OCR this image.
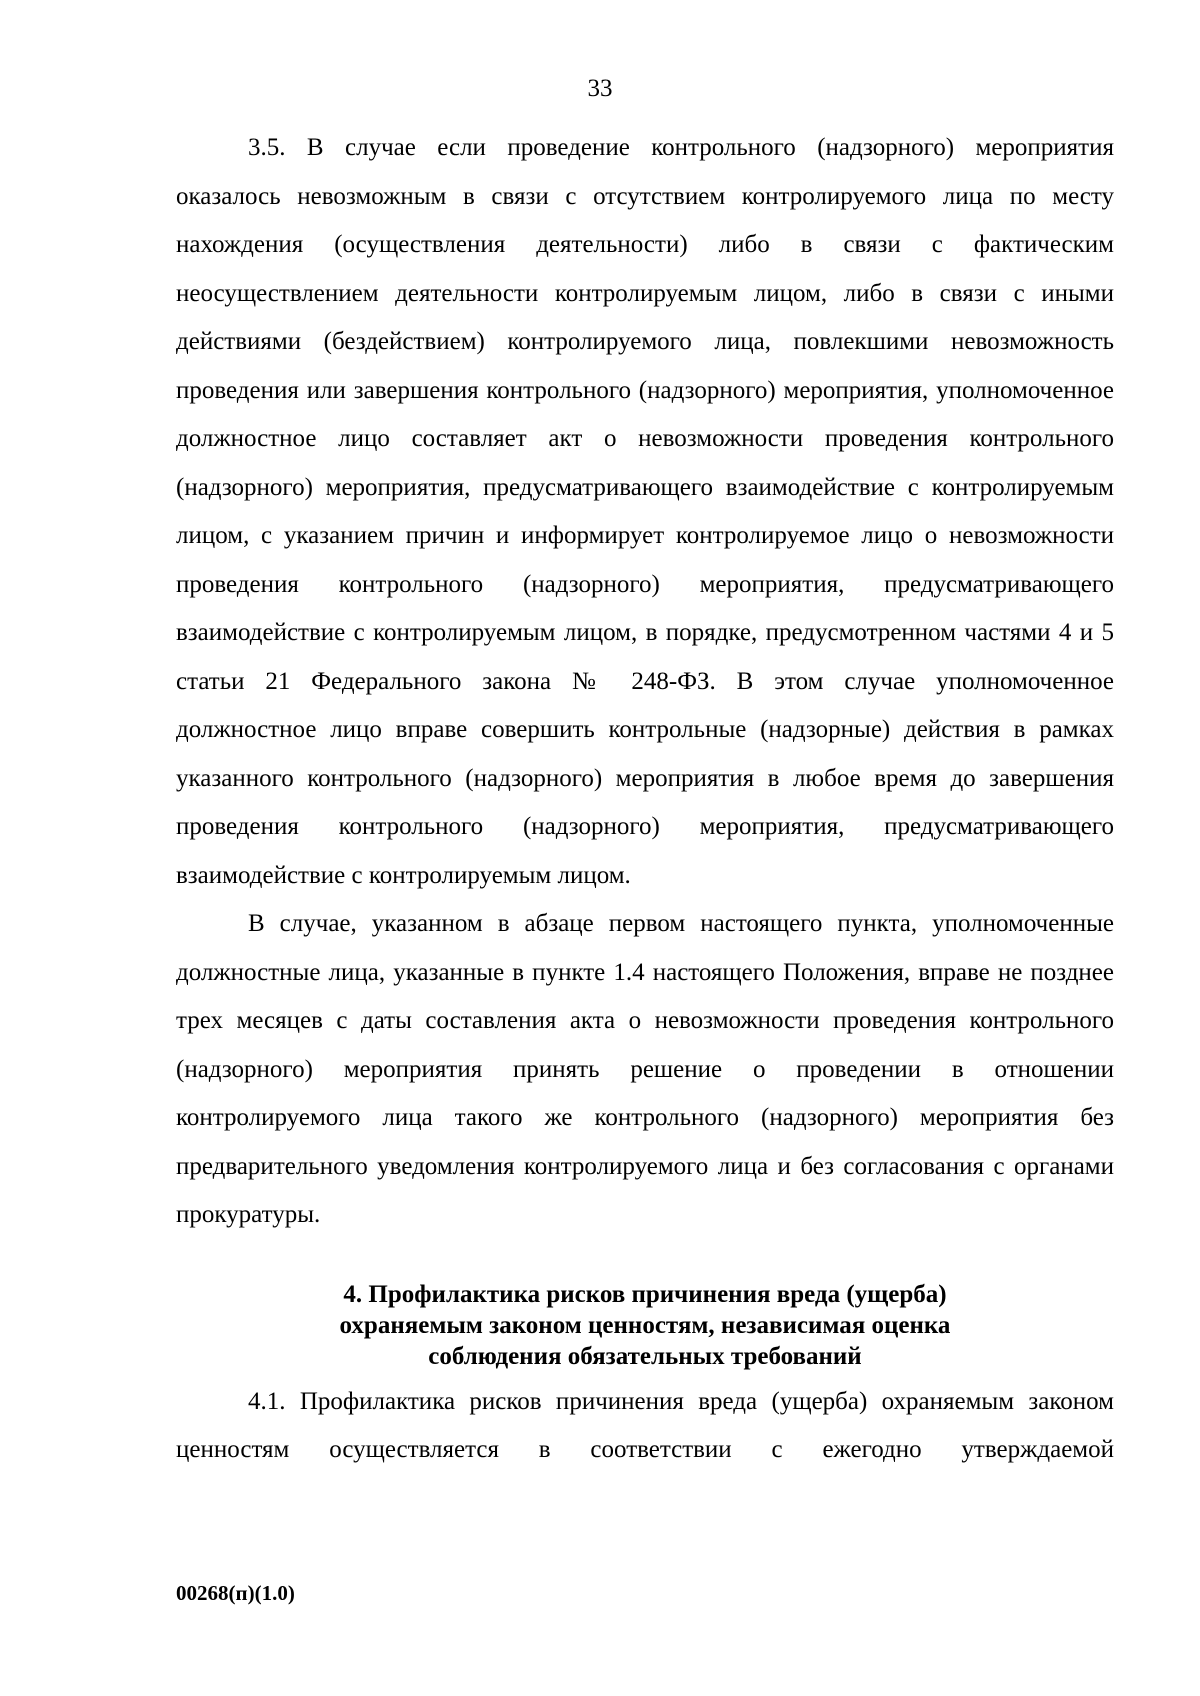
33

3.5. В случае если проведение контрольного (надзорного) мероприятия оказалось невозможным в связи с отсутствием контролируемого лица по месту нахождения (осуществления деятельности) либо в связи с фактическим неосуществлением деятельности контролируемым лицом, либо в связи с иными действиями (бездействием) контролируемого лица, повлекшими невозможность проведения или завершения контрольного (надзорного) мероприятия, уполномоченное должностное лицо составляет акт о невозможности проведения контрольного (надзорного) мероприятия, предусматривающего взаимодействие с контролируемым лицом, с указанием причин и информирует контролируемое лицо о невозможности проведения контрольного (надзорного) мероприятия, предусматривающего взаимодействие с контролируемым лицом, в порядке, предусмотренном частями 4 и 5 статьи 21 Федерального закона № 248-ФЗ. В этом случае уполномоченное должностное лицо вправе совершить контрольные (надзорные) действия в рамках указанного контрольного (надзорного) мероприятия в любое время до завершения проведения контрольного (надзорного) мероприятия, предусматривающего взаимодействие с контролируемым лицом.

В случае, указанном в абзаце первом настоящего пункта, уполномоченные должностные лица, указанные в пункте 1.4 настоящего Положения, вправе не позднее трех месяцев с даты составления акта о невозможности проведения контрольного (надзорного) мероприятия принять решение о проведении в отношении контролируемого лица такого же контрольного (надзорного) мероприятия без предварительного уведомления контролируемого лица и без согласования с органами прокуратуры.

4. Профилактика рисков причинения вреда (ущерба)
охраняемым законом ценностям, независимая оценка
соблюдения обязательных требований

4.1. Профилактика рисков причинения вреда (ущерба) охраняемым законом ценностям осуществляется в соответствии с ежегодно утверждаемой

00268(п)(1.0)
